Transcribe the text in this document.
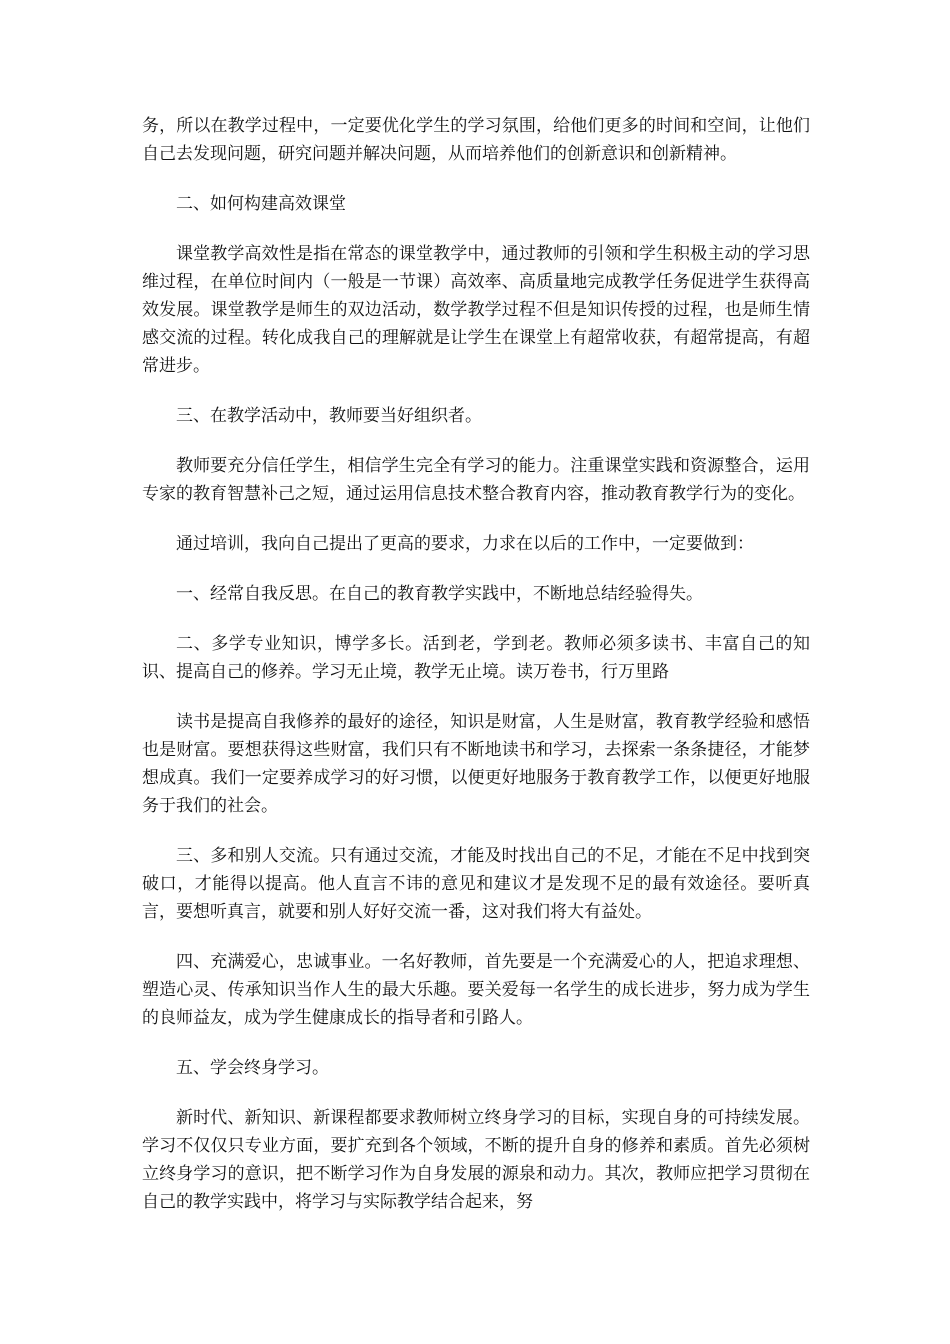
务，所以在教学过程中，一定要优化学生的学习氛围，给他们更多的时间和空间，让他们自己去发现问题，研究问题并解决问题，从而培养他们的创新意识和创新精神。

二、如何构建高效课堂

课堂教学高效性是指在常态的课堂教学中，通过教师的引领和学生积极主动的学习思维过程，在单位时间内（一般是一节课）高效率、高质量地完成教学任务促进学生获得高效发展。课堂教学是师生的双边活动，数学教学过程不但是知识传授的过程，也是师生情感交流的过程。转化成我自己的理解就是让学生在课堂上有超常收获，有超常提高，有超常进步。

三、在教学活动中，教师要当好组织者。

教师要充分信任学生，相信学生完全有学习的能力。注重课堂实践和资源整合，运用专家的教育智慧补己之短，通过运用信息技术整合教育内容，推动教育教学行为的变化。

通过培训，我向自己提出了更高的要求，力求在以后的工作中，一定要做到：

一、经常自我反思。在自己的教育教学实践中，不断地总结经验得失。

二、多学专业知识，博学多长。活到老，学到老。教师必须多读书、丰富自己的知识、提高自己的修养。学习无止境，教学无止境。读万卷书，行万里路

读书是提高自我修养的最好的途径，知识是财富，人生是财富，教育教学经验和感悟也是财富。要想获得这些财富，我们只有不断地读书和学习，去探索一条条捷径，才能梦想成真。我们一定要养成学习的好习惯，以便更好地服务于教育教学工作，以便更好地服务于我们的社会。

三、多和别人交流。只有通过交流，才能及时找出自己的不足，才能在不足中找到突破口，才能得以提高。他人直言不讳的意见和建议才是发现不足的最有效途径。要听真言，要想听真言，就要和别人好好交流一番，这对我们将大有益处。

四、充满爱心，忠诚事业。一名好教师，首先要是一个充满爱心的人，把追求理想、塑造心灵、传承知识当作人生的最大乐趣。要关爱每一名学生的成长进步，努力成为学生的良师益友，成为学生健康成长的指导者和引路人。

五、学会终身学习。

新时代、新知识、新课程都要求教师树立终身学习的目标，实现自身的可持续发展。学习不仅仅只专业方面，要扩充到各个领域，不断的提升自身的修养和素质。首先必须树立终身学习的意识，把不断学习作为自身发展的源泉和动力。其次，教师应把学习贯彻在自己的教学实践中，将学习与实际教学结合起来，努
